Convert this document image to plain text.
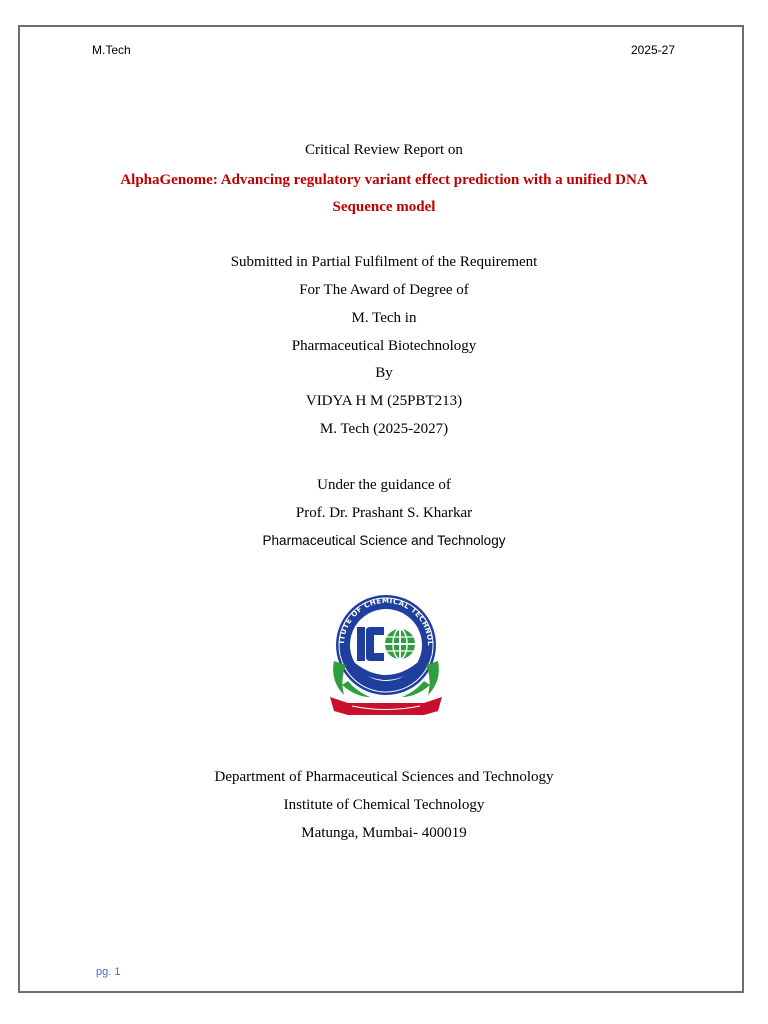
M.Tech	2025-27
Critical Review Report on
AlphaGenome: Advancing regulatory variant effect prediction with a unified DNA
Sequence model
Submitted in Partial Fulfilment of the Requirement
For The Award of Degree of
M. Tech in
Pharmaceutical Biotechnology
By
VIDYA H M (25PBT213)
M. Tech (2025-2027)
Under the guidance of
Prof. Dr. Prashant S. Kharkar
Pharmaceutical Science and Technology
ITUTE OF CHEMICAL TECHNOL
Department of Pharmaceutical Sciences and Technology
Institute of Chemical Technology
Matunga, Mumbai- 400019
pg. 1
